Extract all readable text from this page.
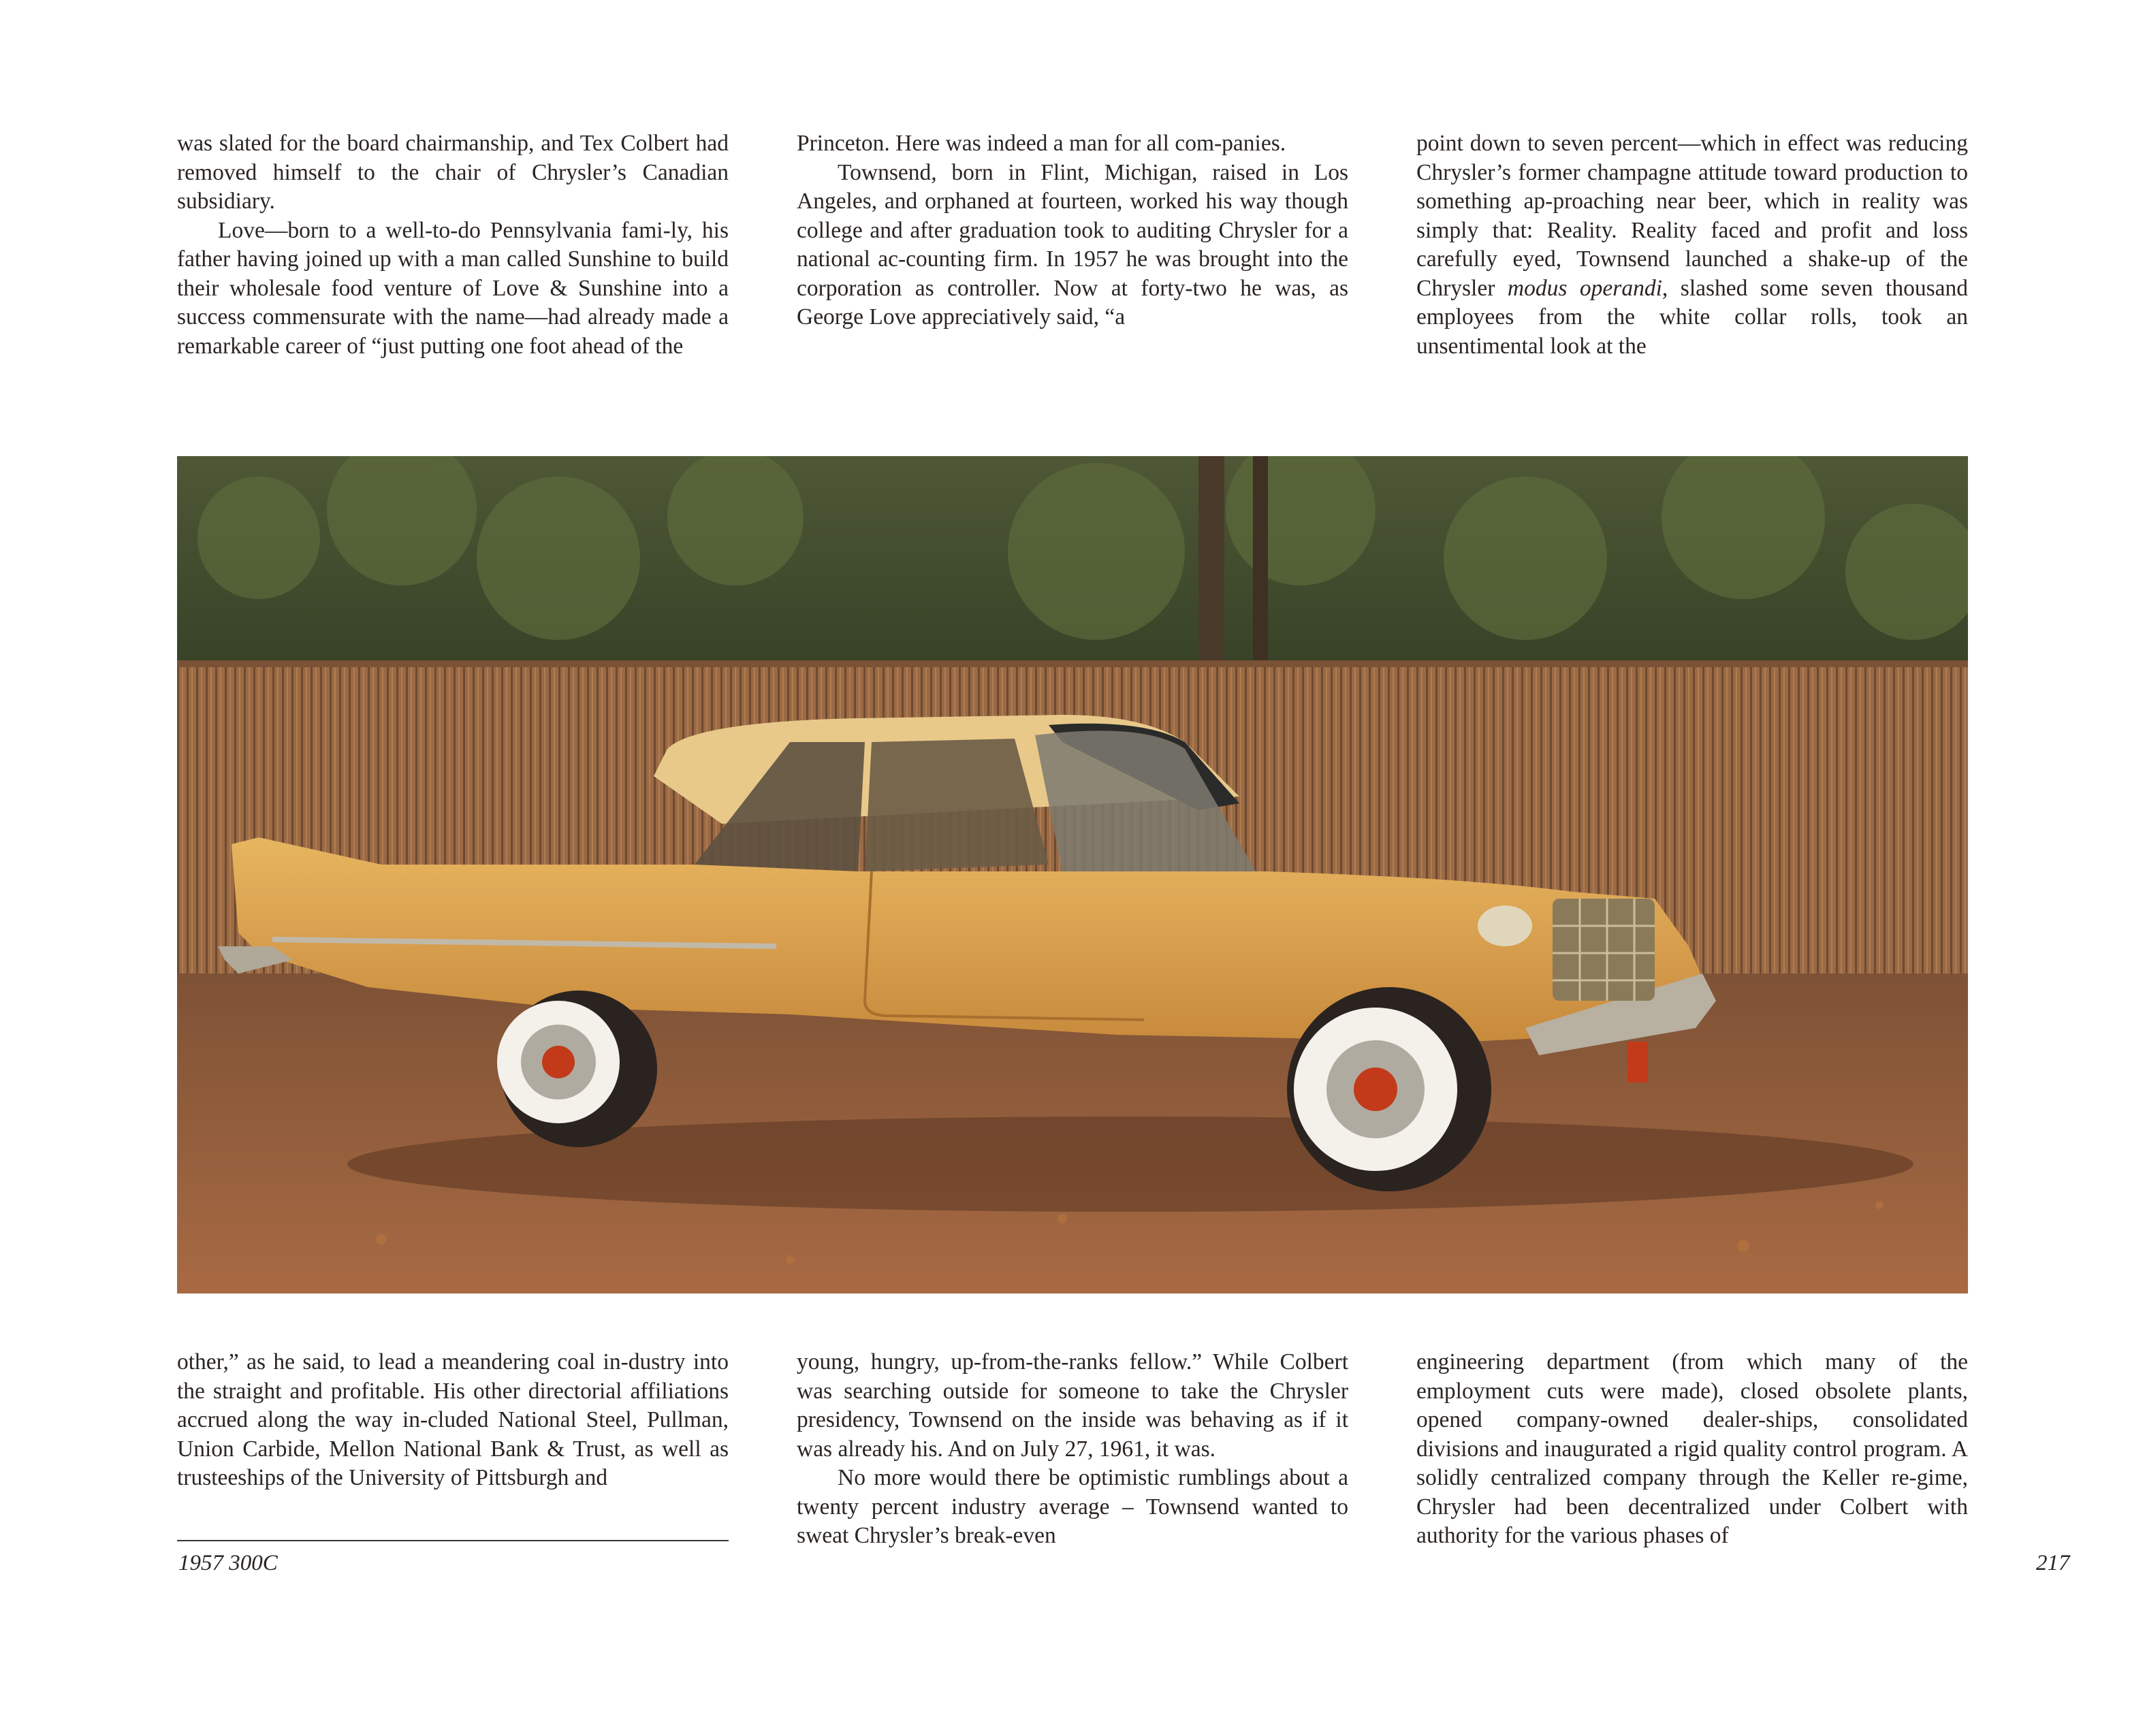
was slated for the board chairmanship, and Tex Colbert had removed himself to the chair of Chrysler’s Canadian subsidiary.

Love—born to a well-to-do Pennsylvania fami-ly, his father having joined up with a man called Sunshine to build their wholesale food venture of Love & Sunshine into a success commensurate with the name—had already made a remarkable career of “just putting one foot ahead of the

Princeton. Here was indeed a man for all com-panies.

Townsend, born in Flint, Michigan, raised in Los Angeles, and orphaned at fourteen, worked his way though college and after graduation took to auditing Chrysler for a national ac-counting firm. In 1957 he was brought into the corporation as controller. Now at forty-two he was, as George Love appreciatively said, “a

point down to seven percent—which in effect was reducing Chrysler’s former champagne attitude toward production to something ap-proaching near beer, which in reality was simply that: Reality. Reality faced and profit and loss carefully eyed, Townsend launched a shake-up of the Chrysler modus operandi, slashed some seven thousand employees from the white collar rolls, took an unsentimental look at the

other,” as he said, to lead a meandering coal in-dustry into the straight and profitable. His other directorial affiliations accrued along the way in-cluded National Steel, Pullman, Union Carbide, Mellon National Bank & Trust, as well as trusteeships of the University of Pittsburgh and

young, hungry, up-from-the-ranks fellow.” While Colbert was searching outside for someone to take the Chrysler presidency, Townsend on the inside was behaving as if it was already his. And on July 27, 1961, it was.

No more would there be optimistic rumblings about a twenty percent industry average – Townsend wanted to sweat Chrysler’s break-even

engineering department (from which many of the employment cuts were made), closed obsolete plants, opened company-owned dealer-ships, consolidated divisions and inaugurated a rigid quality control program. A solidly centralized company through the Keller re-gime, Chrysler had been decentralized under Colbert with authority for the various phases of

1957 300C	217
